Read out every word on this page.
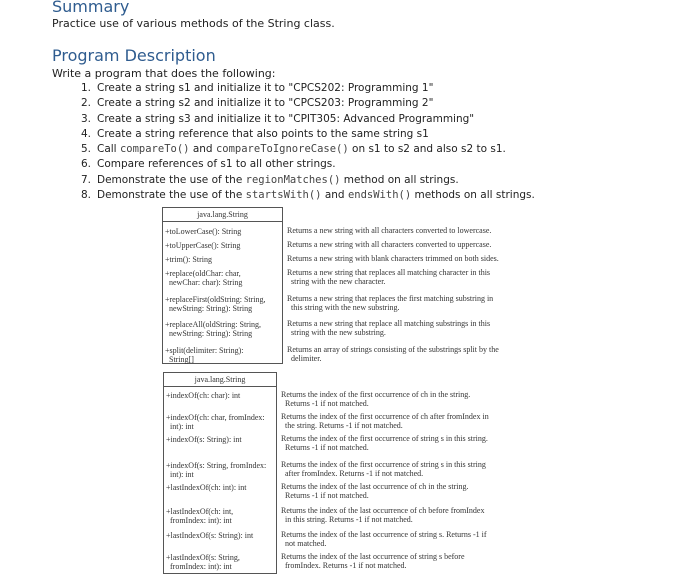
Summary
Practice use of various methods of the String class.
Program Description
Write a program that does the following:
1. Create a string s1 and initialize it to "CPCS202: Programming 1"
2. Create a string s2 and initialize it to "CPCS203: Programming 2"
3. Create a string s3 and initialize it to "CPIT305: Advanced Programming"
4. Create a string reference that also points to the same string s1
5. Call compareTo() and compareToIgnoreCase() on s1 to s2 and also s2 to s1.
6. Compare references of s1 to all other strings.
7. Demonstrate the use of the regionMatches() method on all strings.
8. Demonstrate the use of the startsWith() and endsWith() methods on all strings.
java.lang.String
+toLowerCase(): String
+toUpperCase(): String
+trim(): String
+replace(oldChar: char,
newChar: char): String
+replaceFirst(oldString: String,
newString: String): String
+replaceAll(oldString: String,
newString: String): String
+split(delimiter: String):
String[]
Returns a new string with all characters converted to lowercase.
Returns a new string with all characters converted to uppercase.
Returns a new string with blank characters trimmed on both sides.
Returns a new string that replaces all matching character in this
string with the new character.
Returns a new string that replaces the first matching substring in
this string with the new substring.
Returns a new string that replace all matching substrings in this
string with the new substring.
Returns an array of strings consisting of the substrings split by the
delimiter.
java.lang.String
+indexOf(ch: char): int
+indexOf(ch: char, fromIndex:
int): int
+indexOf(s: String): int
+indexOf(s: String, fromIndex:
int): int
+lastIndexOf(ch: int): int
+lastIndexOf(ch: int,
fromIndex: int): int
+lastIndexOf(s: String): int
+lastIndexOf(s: String,
fromIndex: int): int
Returns the index of the first occurrence of ch in the string.
Returns -1 if not matched.
Returns the index of the first occurrence of ch after fromIndex in
the string. Returns -1 if not matched.
Returns the index of the first occurrence of string s in this string.
Returns -1 if not matched.
Returns the index of the first occurrence of string s in this string
after fromIndex. Returns -1 if not matched.
Returns the index of the last occurrence of ch in the string.
Returns -1 if not matched.
Returns the index of the last occurrence of ch before fromIndex
in this string. Returns -1 if not matched.
Returns the index of the last occurrence of string s. Returns -1 if
not matched.
Returns the index of the last occurrence of string s before
fromIndex. Returns -1 if not matched.
